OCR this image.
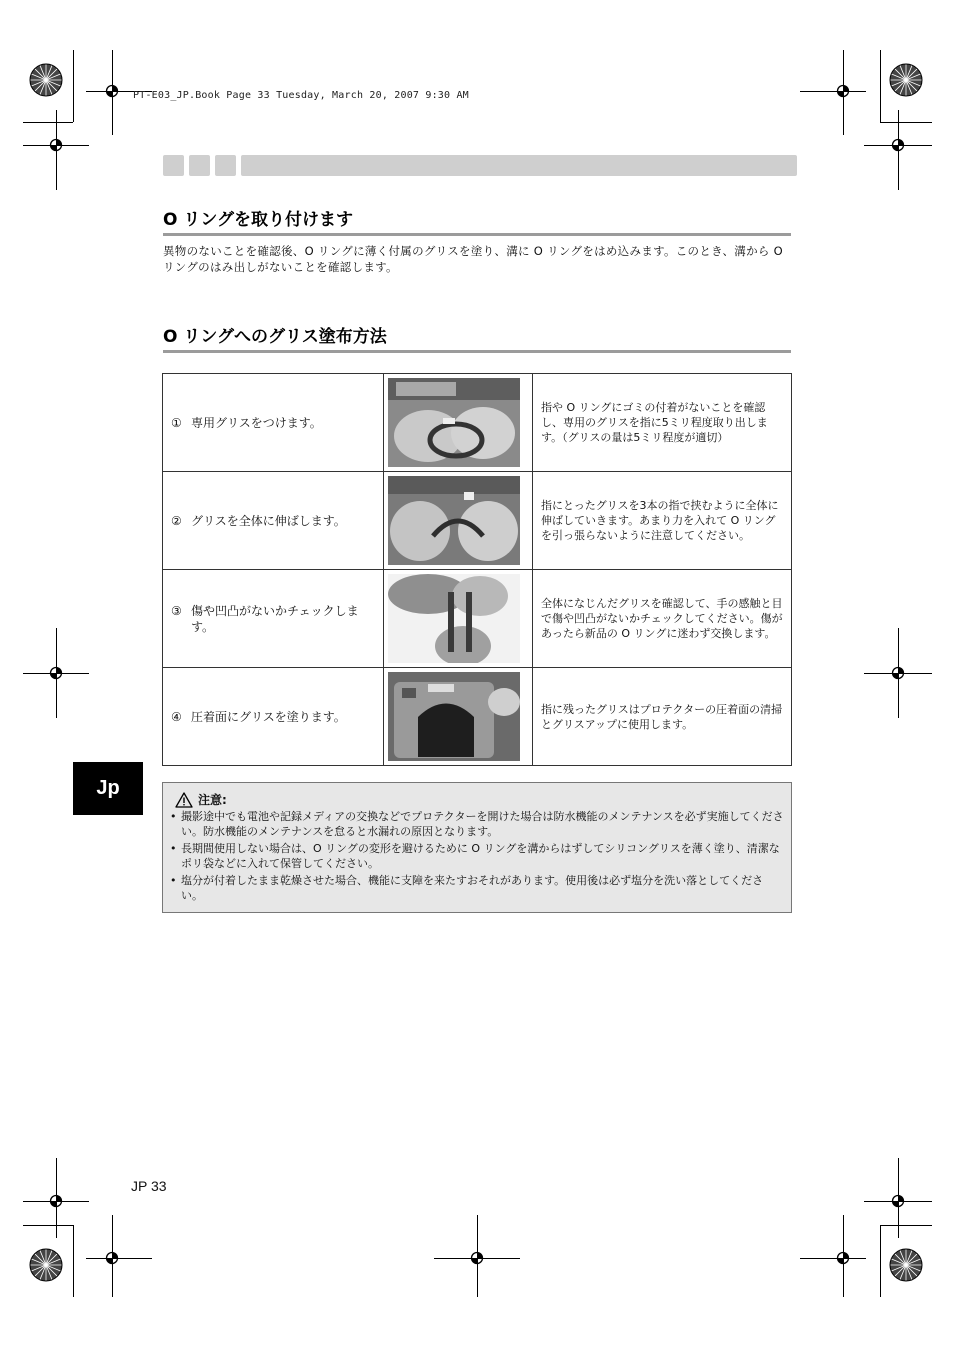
PT-E03_JP.Book Page 33 Tuesday, March 20, 2007 9:30 AM
O リングを取り付けます
異物のないことを確認後、O リングに薄く付属のグリスを塗り、溝に O リングをはめ込みます。このとき、溝から O リングのはみ出しがないことを確認します。
O リングへのグリス塗布方法
① 専用グリスをつけます。		指や O リングにゴミの付着がないことを確認し、専用のグリスを指に5ミリ程度取り出します。（グリスの量は5ミリ程度が適切）

② グリスを全体に伸ばします。		指にとったグリスを3本の指で挟むように全体に伸ばしていきます。あまり力を入れて O リングを引っ張らないように注意してください。

③ 傷や凹凸がないかチェックします。		全体になじんだグリスを確認して、手の感触と目で傷や凹凸がないかチェックしてください。傷があったら新品の O リングに迷わず交換します。

④ 圧着面にグリスを塗ります。		指に残ったグリスはプロテクターの圧着面の清掃とグリスアップに使用します。
Jp
注意:
• 撮影途中でも電池や記録メディアの交換などでプロテクターを開けた場合は防水機能のメンテナンスを必ず実施してください。防水機能のメンテナンスを怠ると水漏れの原因となります。
• 長期間使用しない場合は、O リングの変形を避けるために O リングを溝からはずしてシリコングリスを薄く塗り、清潔なポリ袋などに入れて保管してください。
• 塩分が付着したまま乾燥させた場合、機能に支障を来たすおそれがあります。使用後は必ず塩分を洗い落としてください。
JP 33
